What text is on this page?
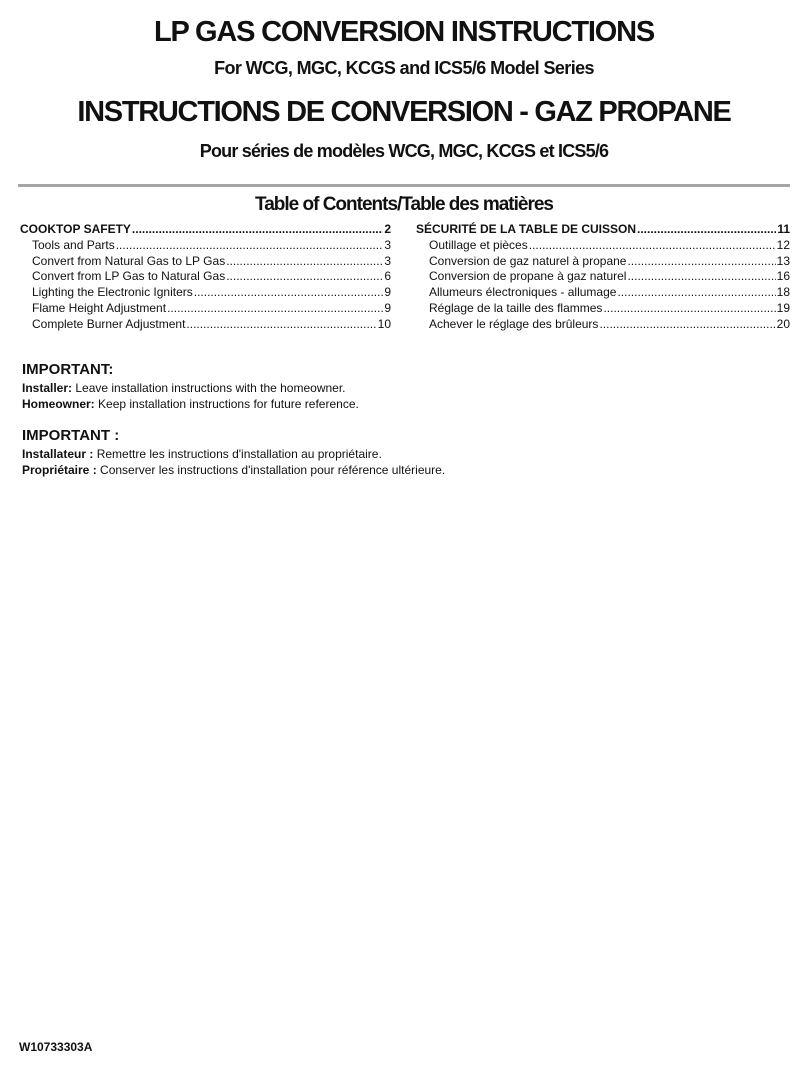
LP GAS CONVERSION INSTRUCTIONS
For WCG, MGC, KCGS and ICS5/6 Model Series
INSTRUCTIONS DE CONVERSION - GAZ PROPANE
Pour séries de modèles WCG, MGC, KCGS et ICS5/6
Table of Contents/Table des matières
COOKTOP SAFETY .....	2
Tools and Parts .....	3
Convert from Natural Gas to LP Gas .....	3
Convert from LP Gas to Natural Gas .....	6
Lighting the Electronic Igniters .....	9
Flame Height Adjustment .....	9
Complete Burner Adjustment .....	10
SÉCURITÉ DE LA TABLE DE CUISSON .....	11
Outillage et pièces .....	12
Conversion de gaz naturel à propane .....	13
Conversion de propane à gaz naturel .....	16
Allumeurs électroniques - allumage .....	18
Réglage de la taille des flammes .....	19
Achever le réglage des brûleurs .....	20
IMPORTANT:

Installer: Leave installation instructions with the homeowner.

Homeowner: Keep installation instructions for future reference.

IMPORTANT :

Installateur : Remettre les instructions d'installation au propriétaire.

Propriétaire : Conserver les instructions d'installation pour référence ultérieure.

W10733303A
